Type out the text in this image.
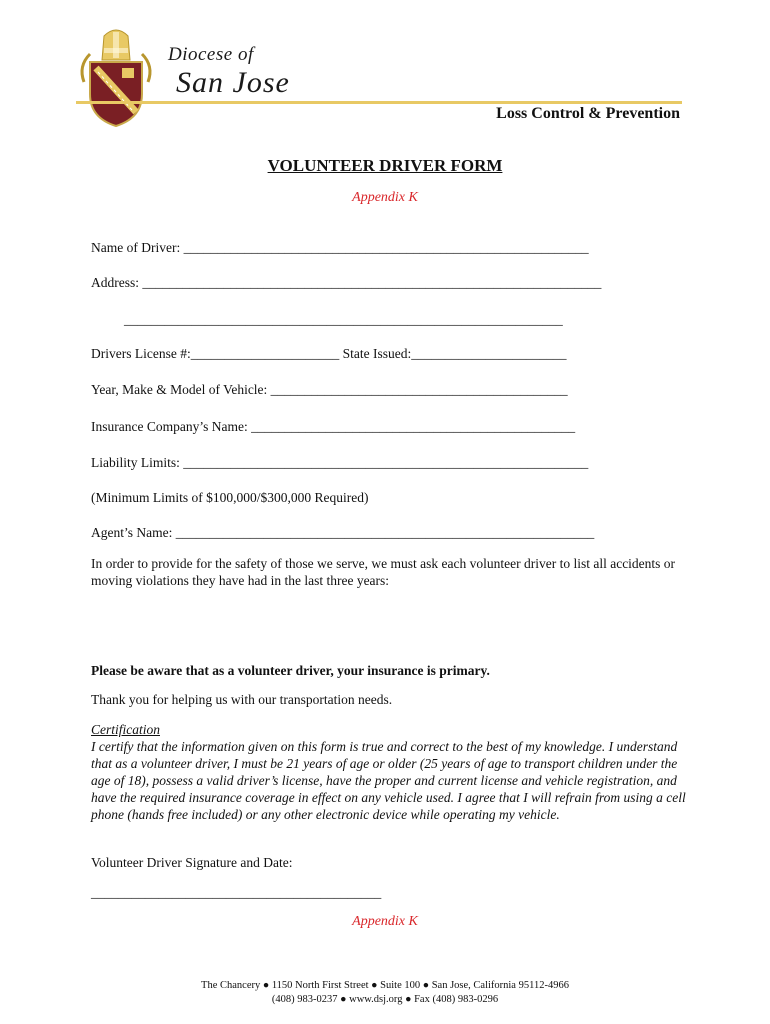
Diocese of
San Jose
Loss Control & Prevention
VOLUNTEER DRIVER FORM
Appendix K
Name of Driver: ____________________________________________________________
Address: ____________________________________________________________________
_________________________________________________________________
Drivers License #:______________________ State Issued:_______________________
Year, Make & Model of Vehicle: ____________________________________________
Insurance Company’s Name: ________________________________________________
Liability Limits: ____________________________________________________________
(Minimum Limits of $100,000/$300,000 Required)
Agent’s Name: ______________________________________________________________
In order to provide for the safety of those we serve, we must ask each volunteer driver to list all accidents or moving violations they have had in the last three years:
Please be aware that as a volunteer driver, your insurance is primary.
Thank you for helping us with our transportation needs.
Certification
I certify that the information given on this form is true and correct to the best of my knowledge. I understand that as a volunteer driver, I must be 21 years of age or older (25 years of age to transport children under the age of 18), possess a valid driver’s license, have the proper and current license and vehicle registration, and have the required insurance coverage in effect on any vehicle used. I agree that I will refrain from using a cell phone (hands free included) or any other electronic device while operating my vehicle.
Volunteer Driver Signature and Date:
___________________________________________
Appendix K
The Chancery ● 1150 North First Street ● Suite 100 ● San Jose, California 95112-4966
(408) 983-0237 ● www.dsj.org ● Fax (408) 983-0296
